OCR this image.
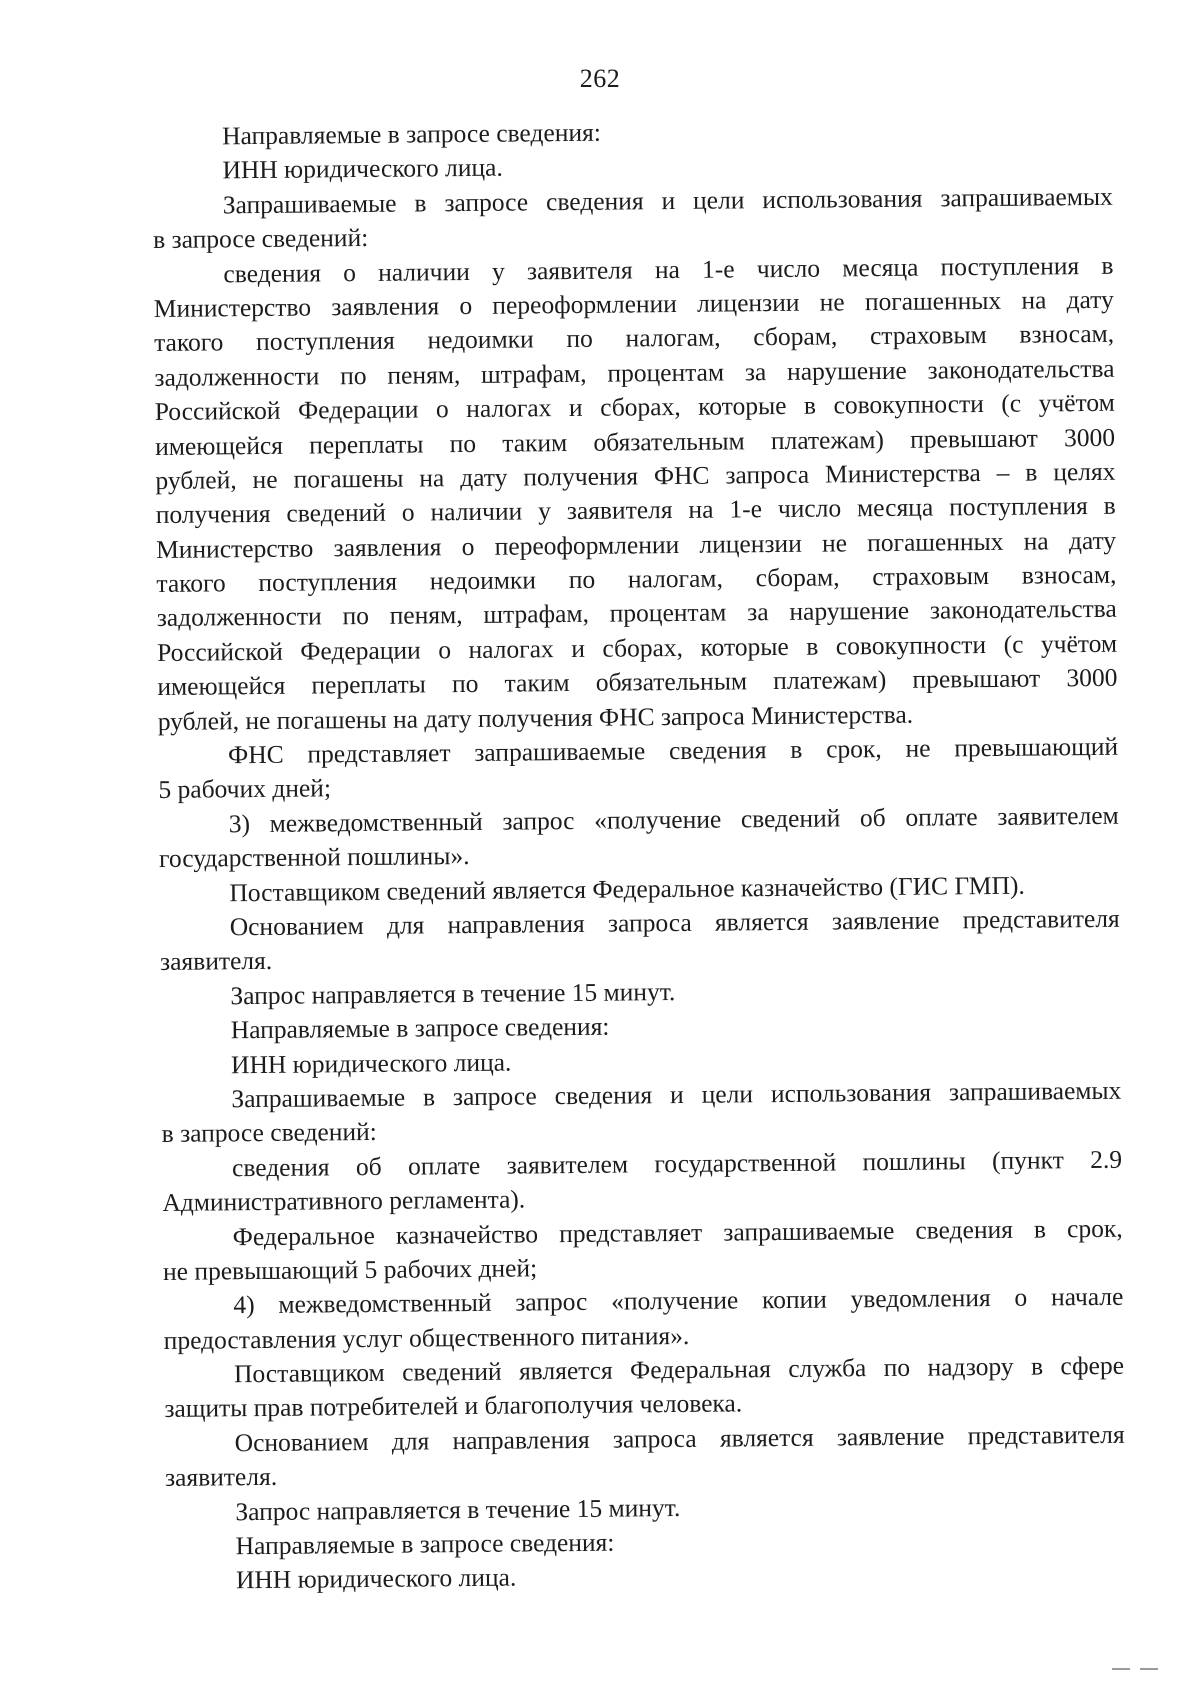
262
Направляемые в запросе сведения:
ИНН юридического лица.
Запрашиваемые в запросе сведения и цели использования запрашиваемых
в запросе сведений:
сведения о наличии у заявителя на 1-е число месяца поступления в
Министерство заявления о переоформлении лицензии не погашенных на дату
такого поступления недоимки по налогам, сборам, страховым взносам,
задолженности по пеням, штрафам, процентам за нарушение законодательства
Российской Федерации о налогах и сборах, которые в совокупности (с учётом
имеющейся переплаты по таким обязательным платежам) превышают 3000
рублей, не погашены на дату получения ФНС запроса Министерства – в целях
получения сведений о наличии у заявителя на 1-е число месяца поступления в
Министерство заявления о переоформлении лицензии не погашенных на дату
такого поступления недоимки по налогам, сборам, страховым взносам,
задолженности по пеням, штрафам, процентам за нарушение законодательства
Российской Федерации о налогах и сборах, которые в совокупности (с учётом
имеющейся переплаты по таким обязательным платежам) превышают 3000
рублей, не погашены на дату получения ФНС запроса Министерства.
ФНС представляет запрашиваемые сведения в срок, не превышающий
5 рабочих дней;
3) межведомственный запрос «получение сведений об оплате заявителем
государственной пошлины».
Поставщиком сведений является Федеральное казначейство (ГИС ГМП).
Основанием для направления запроса является заявление представителя
заявителя.
Запрос направляется в течение 15 минут.
Направляемые в запросе сведения:
ИНН юридического лица.
Запрашиваемые в запросе сведения и цели использования запрашиваемых
в запросе сведений:
сведения об оплате заявителем государственной пошлины (пункт 2.9
Административного регламента).
Федеральное казначейство представляет запрашиваемые сведения в срок,
не превышающий 5 рабочих дней;
4) межведомственный запрос «получение копии уведомления о начале
предоставления услуг общественного питания».
Поставщиком сведений является Федеральная служба по надзору в сфере
защиты прав потребителей и благополучия человека.
Основанием для направления запроса является заявление представителя
заявителя.
Запрос направляется в течение 15 минут.
Направляемые в запросе сведения:
ИНН юридического лица.
